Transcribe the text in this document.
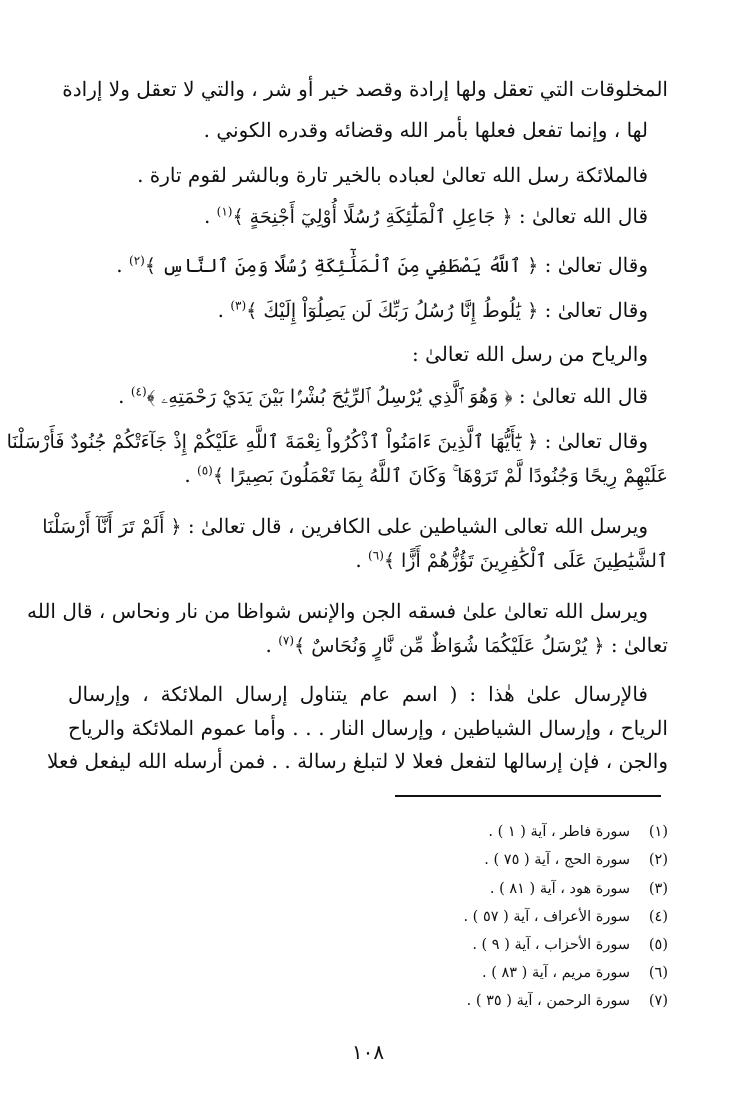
المخلوقات التي تعقل ولها إرادة وقصد خير أو شر ، والتي لا تعقل ولا إرادة
لها ، وإنما تفعل فعلها بأمر الله وقضائه وقدره الكوني .
فالملائكة رسل الله تعالىٰ لعباده بالخير تارة وبالشر لقوم تارة .
قال الله تعالىٰ : ﴿ جَاعِلِ ٱلْمَلَٰٓئِكَةِ رُسُلًا أُوْلِيٓ أَجْنِحَةٍ ﴾$^{(١)}$ .
وقال تعالىٰ : ﴿ ٱللَّهُ يَصْطَفِي مِنَ ٱلْمَلَٰٓئِكَةِ رُسُلًا وَمِنَ ٱلنَّاسِ ﴾$^{(٢)}$ .
وقال تعالىٰ : ﴿ يَٰلُوطُ إِنَّا رُسُلُ رَبِّكَ لَن يَصِلُوٓاْ إِلَيْكَ ﴾$^{(٣)}$ .
والرياح من رسل الله تعالىٰ :
قال الله تعالىٰ : ﴿ وَهُوَ ٱلَّذِي يُرْسِلُ ٱلرِّيَٰحَ بُشْرًۢا بَيْنَ يَدَيْ رَحْمَتِهِۦ ﴾$^{(٤)}$ .
وقال تعالىٰ : ﴿ يَٰٓأَيُّهَا ٱلَّذِينَ ءَامَنُواْ ٱذْكُرُواْ نِعْمَةَ ٱللَّهِ عَلَيْكُمْ إِذْ جَآءَتْكُمْ جُنُودٌ فَأَرْسَلْنَا
عَلَيْهِمْ رِيحًا وَجُنُودًا لَّمْ تَرَوْهَا ۚ وَكَانَ ٱللَّهُ بِمَا تَعْمَلُونَ بَصِيرًا ﴾$^{(٥)}$ .
ويرسل الله تعالى الشياطين على الكافرين ، قال تعالىٰ : ﴿ أَلَمْ تَرَ أَنَّآ أَرْسَلْنَا
ٱلشَّيَٰطِينَ عَلَى ٱلْكَٰفِرِينَ تَؤُزُّهُمْ أَزًّا ﴾$^{(٦)}$ .
ويرسل الله تعالىٰ علىٰ فسقه الجن والإنس شواظا من نار ونحاس ، قال الله
تعالىٰ : ﴿ يُرْسَلُ عَلَيْكُمَا شُوَاظٌ مِّن نَّارٍ وَنُحَاسٌ ﴾$^{(٧)}$ .
فالإرسال علىٰ هٰذا : ( اسم عام يتناول إرسال الملائكة ، وإرسال
الرياح ، وإرسال الشياطين ، وإرسال النار . . . وأما عموم الملائكة والرياح
والجن ، فإن إرسالها لتفعل فعلا لا لتبلغ رسالة . . فمن أرسله الله ليفعل فعلا
(١)سورة فاطر ، آية ( ١ ) .
(٢)سورة الحج ، آية ( ٧٥ ) .
(٣)سورة هود ، آية ( ٨١ ) .
(٤)سورة الأعراف ، آية ( ٥٧ ) .
(٥)سورة الأحزاب ، آية ( ٩ ) .
(٦)سورة مريم ، آية ( ٨٣ ) .
(٧)سورة الرحمن ، آية ( ٣٥ ) .
١٠٨
